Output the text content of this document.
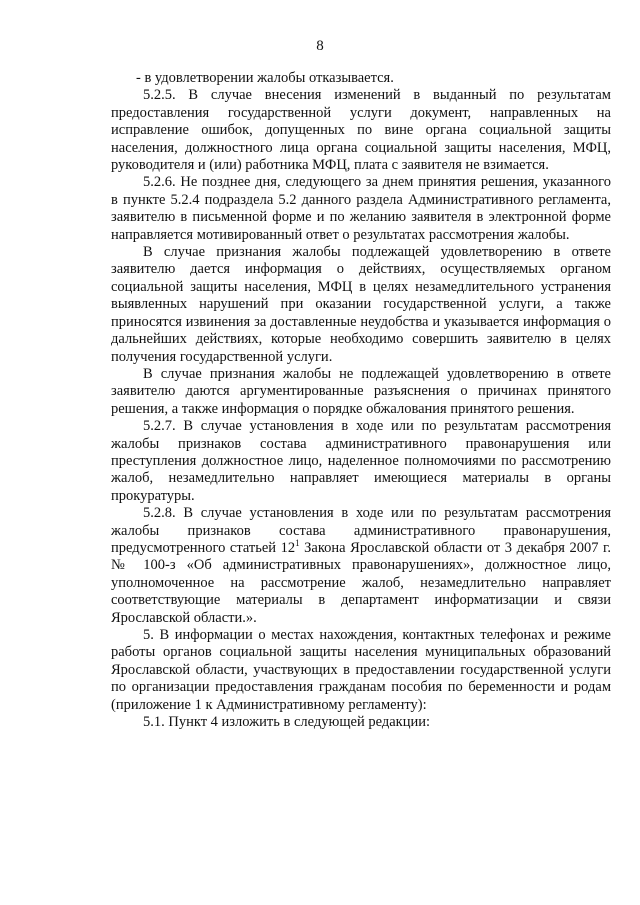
8

- в удовлетворении жалобы отказывается.

5.2.5. В случае внесения изменений в выданный по результатам предоставления государственной услуги документ, направленных на исправление ошибок, допущенных по вине органа социальной защиты населения, должностного лица органа социальной защиты населения, МФЦ, руководителя и (или) работника МФЦ, плата с заявителя не взимается.

5.2.6. Не позднее дня, следующего за днем принятия решения, указанного в пункте 5.2.4 подраздела 5.2 данного раздела Административного регламента, заявителю в письменной форме и по желанию заявителя в электронной форме направляется мотивированный ответ о результатах рассмотрения жалобы.

В случае признания жалобы подлежащей удовлетворению в ответе заявителю дается информация о действиях, осуществляемых органом социальной защиты населения, МФЦ в целях незамедлительного устранения выявленных нарушений при оказании государственной услуги, а также приносятся извинения за доставленные неудобства и указывается информация о дальнейших действиях, которые необходимо совершить заявителю в целях получения государственной услуги.

В случае признания жалобы не подлежащей удовлетворению в ответе заявителю даются аргументированные разъяснения о причинах принятого решения, а также информация о порядке обжалования принятого решения.

5.2.7. В случае установления в ходе или по результатам рассмотрения жалобы признаков состава административного правонарушения или преступления должностное лицо, наделенное полномочиями по рассмотрению жалоб, незамедлительно направляет имеющиеся материалы в органы прокуратуры.

5.2.8. В случае установления в ходе или по результатам рассмотрения жалобы признаков состава административного правонарушения, предусмотренного статьей $12^1$ Закона Ярославской области от 3 декабря 2007 г. № 100-з «Об административных правонарушениях», должностное лицо, уполномоченное на рассмотрение жалоб, незамедлительно направляет соответствующие материалы в департамент информатизации и связи Ярославской области.».

5. В информации о местах нахождения, контактных телефонах и режиме работы органов социальной защиты населения муниципальных образований Ярославской области, участвующих в предоставлении государственной услуги по организации предоставления гражданам пособия по беременности и родам (приложение 1 к Административному регламенту):

5.1. Пункт 4 изложить в следующей редакции:
